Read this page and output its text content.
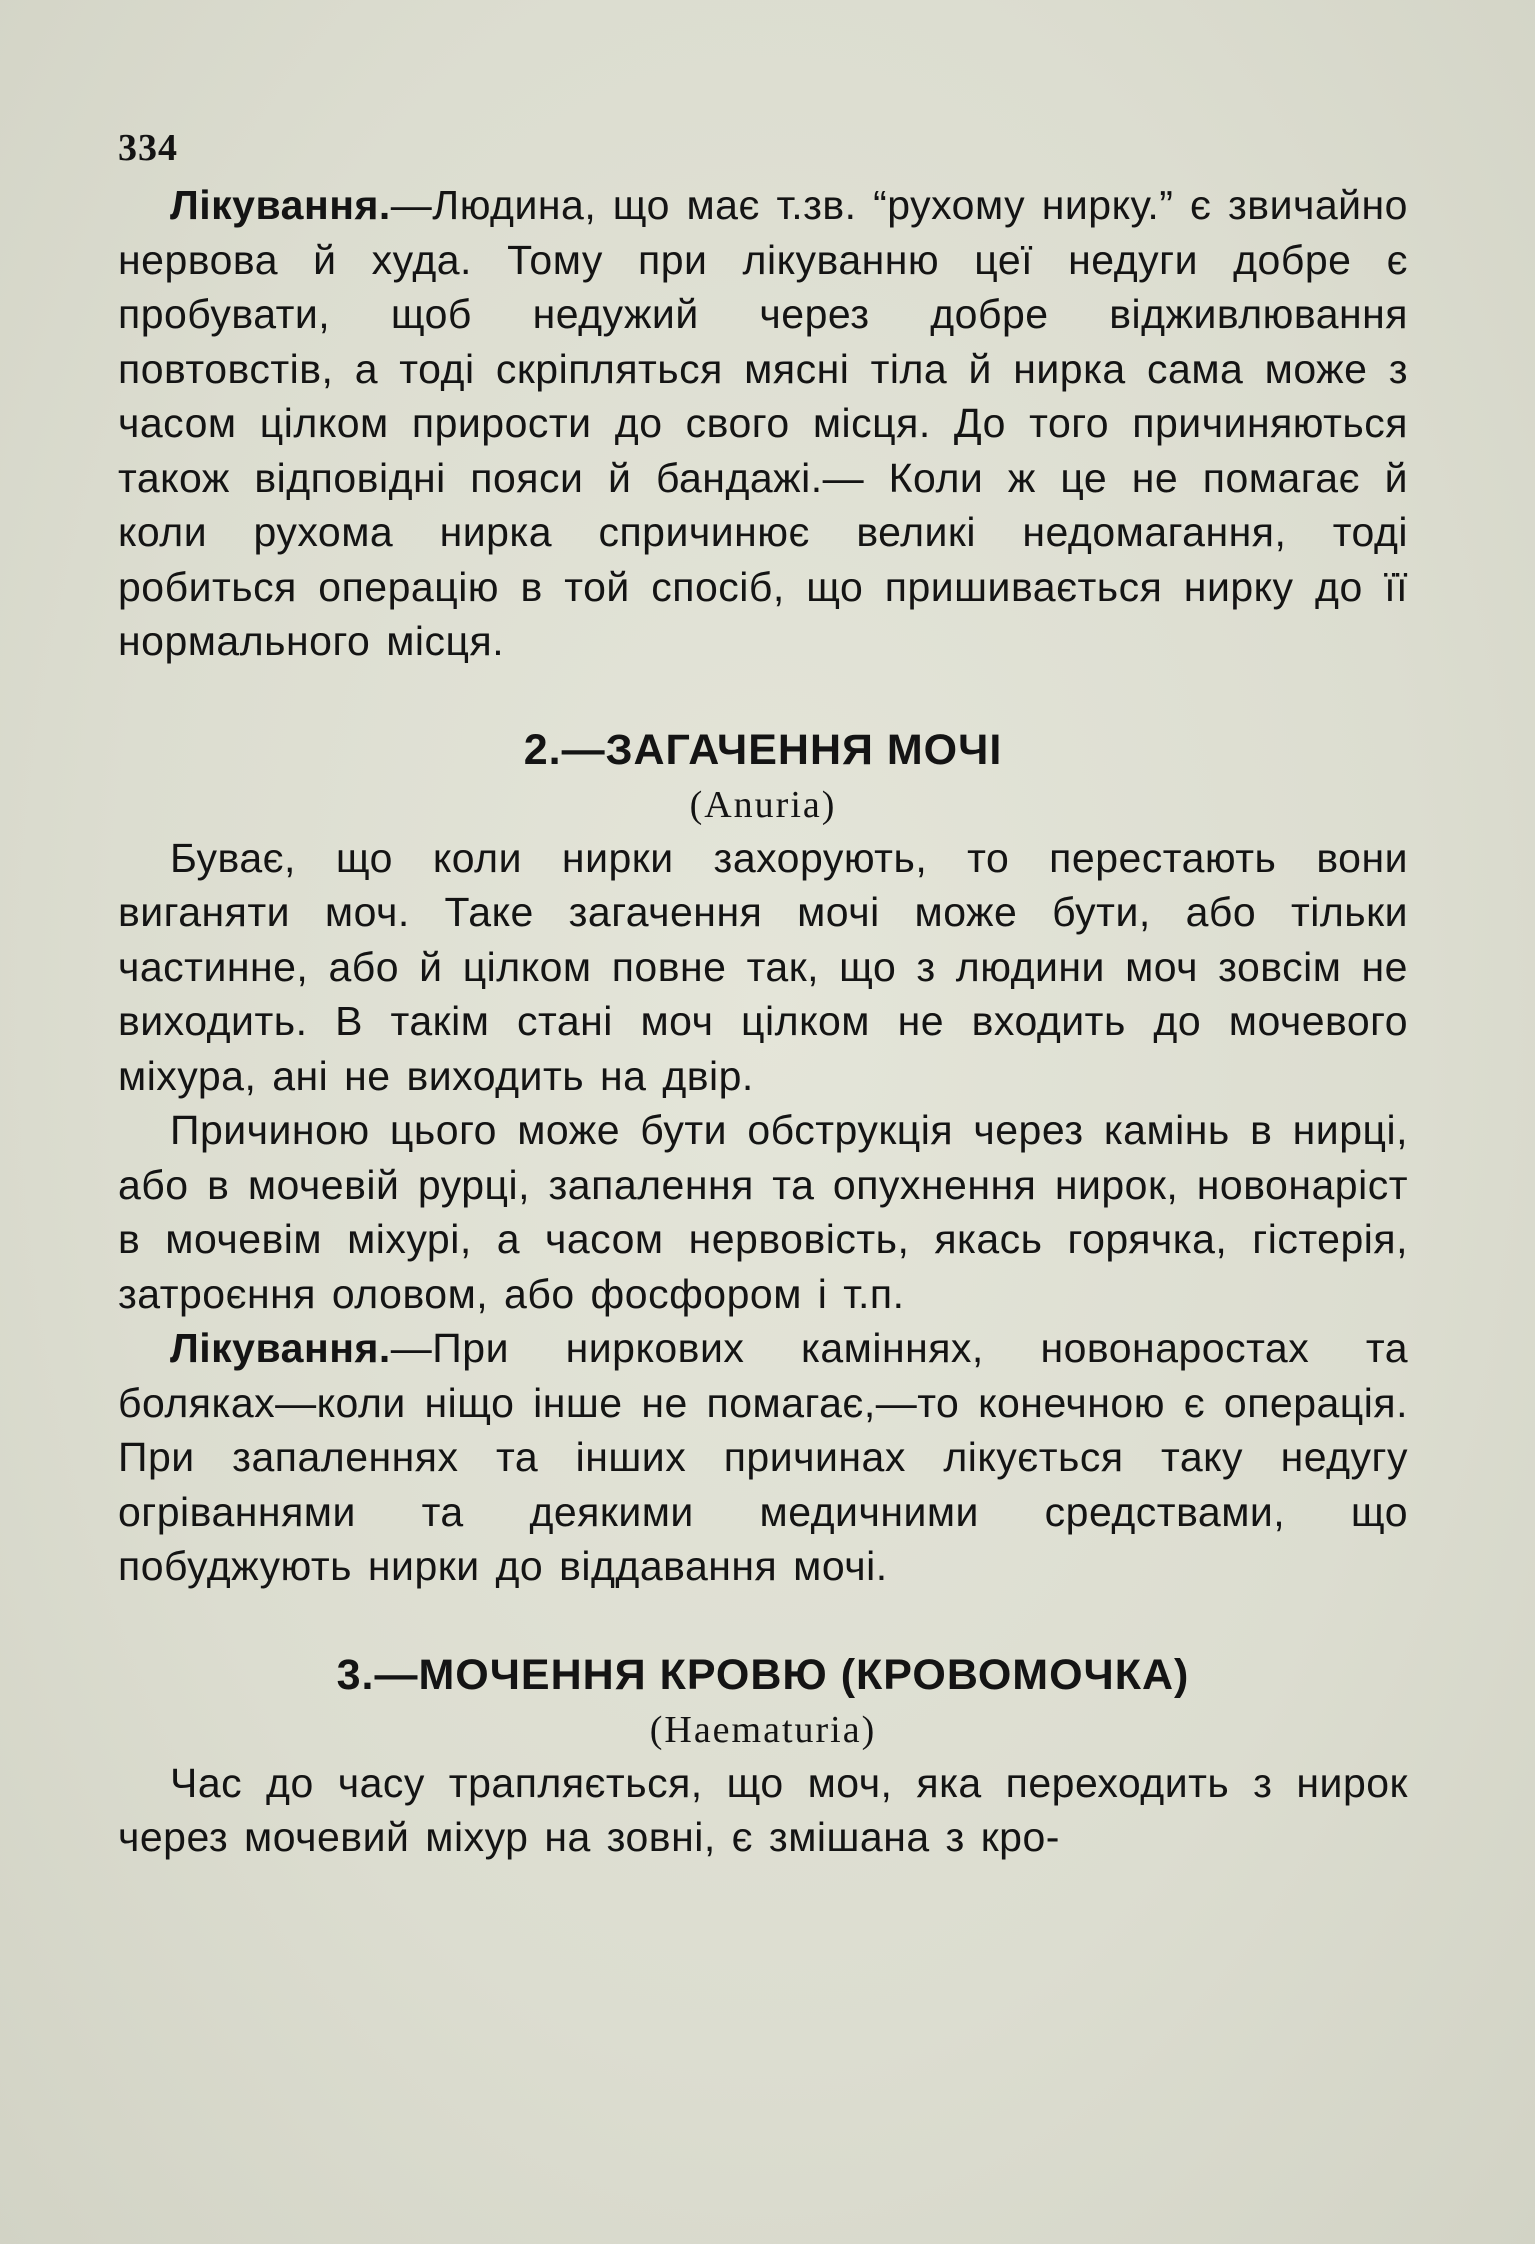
334

Лікування.—Людина, що має т.зв. “рухому нирку.” є звичайно нервова й худа. Тому при лікуванню цеї недуги добре є пробувати, щоб недужий через добре відживлювання повтовстів, а тоді скріпляться мясні тіла й нирка сама може з часом цілком прирости до свого місця. До того причиняються також відповідні пояси й бандажі.— Коли ж це не помагає й коли рухома нирка спричинює великі недомагання, тоді робиться операцію в той спосіб, що пришивається нирку до її нормального місця.

2.—ЗАГАЧЕННЯ МОЧІ

(Anuria)

Буває, що коли нирки захорують, то перестають вони виганяти моч. Таке загачення мочі може бути, або тільки частинне, або й цілком повне так, що з людини моч зовсім не виходить. В такім стані моч цілком не входить до мочевого міхура, ані не виходить на двір.

Причиною цього може бути обструкція через камінь в нирці, або в мочевій рурці, запалення та опухнення нирок, новонаріст в мочевім міхурі, а часом нервовість, якась горячка, гістерія, затроєння оловом, або фосфором і т.п.

Лікування.—При ниркових каміннях, новонаростах та боляках—коли ніщо інше не помагає,—то конечною є операція. При запаленнях та інших причинах лікується таку недугу огріваннями та деякими медичними средствами, що побуджують нирки до віддавання мочі.

3.—МОЧЕННЯ КРОВЮ (КРОВОМОЧКА)

(Haematuria)

Час до часу трапляється, що моч, яка переходить з нирок через мочевий міхур на зовні, є змішана з кро-
